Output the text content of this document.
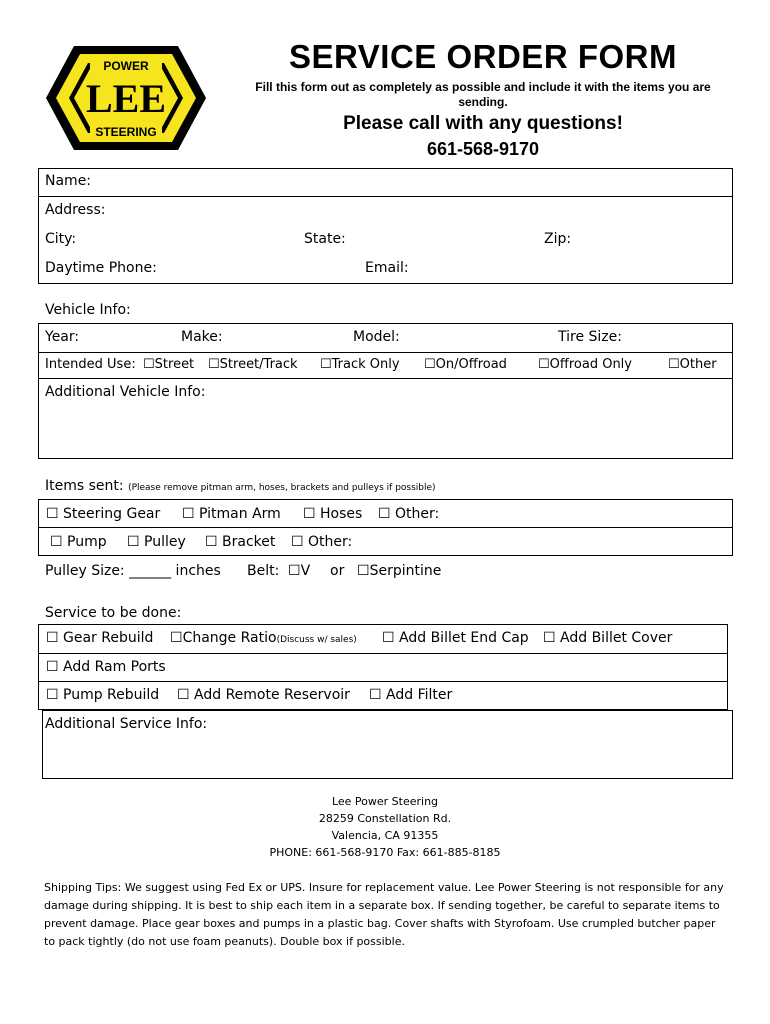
POWER
LEE
STEERING
SERVICE ORDER FORM
Fill this form out as completely as possible and include it with the items you are sending.
Please call with any questions!
661-568-9170
Name:
Address:
City:	State:	Zip:
Daytime Phone:	Email:
Vehicle Info:
Year:	Make:	Model:	Tire Size:
Intended Use: ☐Street ☐Street/Track ☐Track Only ☐On/Offroad ☐Offroad Only	☐Other
Additional Vehicle Info:
Items sent: (Please remove pitman arm, hoses, brackets and pulleys if possible)
☐ Steering Gear ☐ Pitman Arm ☐ Hoses ☐ Other:
☐ Pump ☐ Pulley ☐ Bracket ☐ Other:
Pulley Size: ______ inches Belt: ☐V or ☐Serpintine
Service to be done:
☐ Gear Rebuild ☐Change Ratio(Discuss w/ sales) ☐ Add Billet End Cap ☐ Add Billet Cover
☐ Add Ram Ports
☐ Pump Rebuild ☐ Add Remote Reservoir ☐ Add Filter
Additional Service Info:
Lee Power Steering
28259 Constellation Rd.
Valencia, CA 91355
PHONE: 661-568-9170 Fax: 661-885-8185
Shipping Tips: We suggest using Fed Ex or UPS. Insure for replacement value. Lee Power Steering is not responsible for any damage during shipping. It is best to ship each item in a separate box. If sending together, be careful to separate items to prevent damage. Place gear boxes and pumps in a plastic bag. Cover shafts with Styrofoam. Use crumpled butcher paper to pack tightly (do not use foam peanuts). Double box if possible.
